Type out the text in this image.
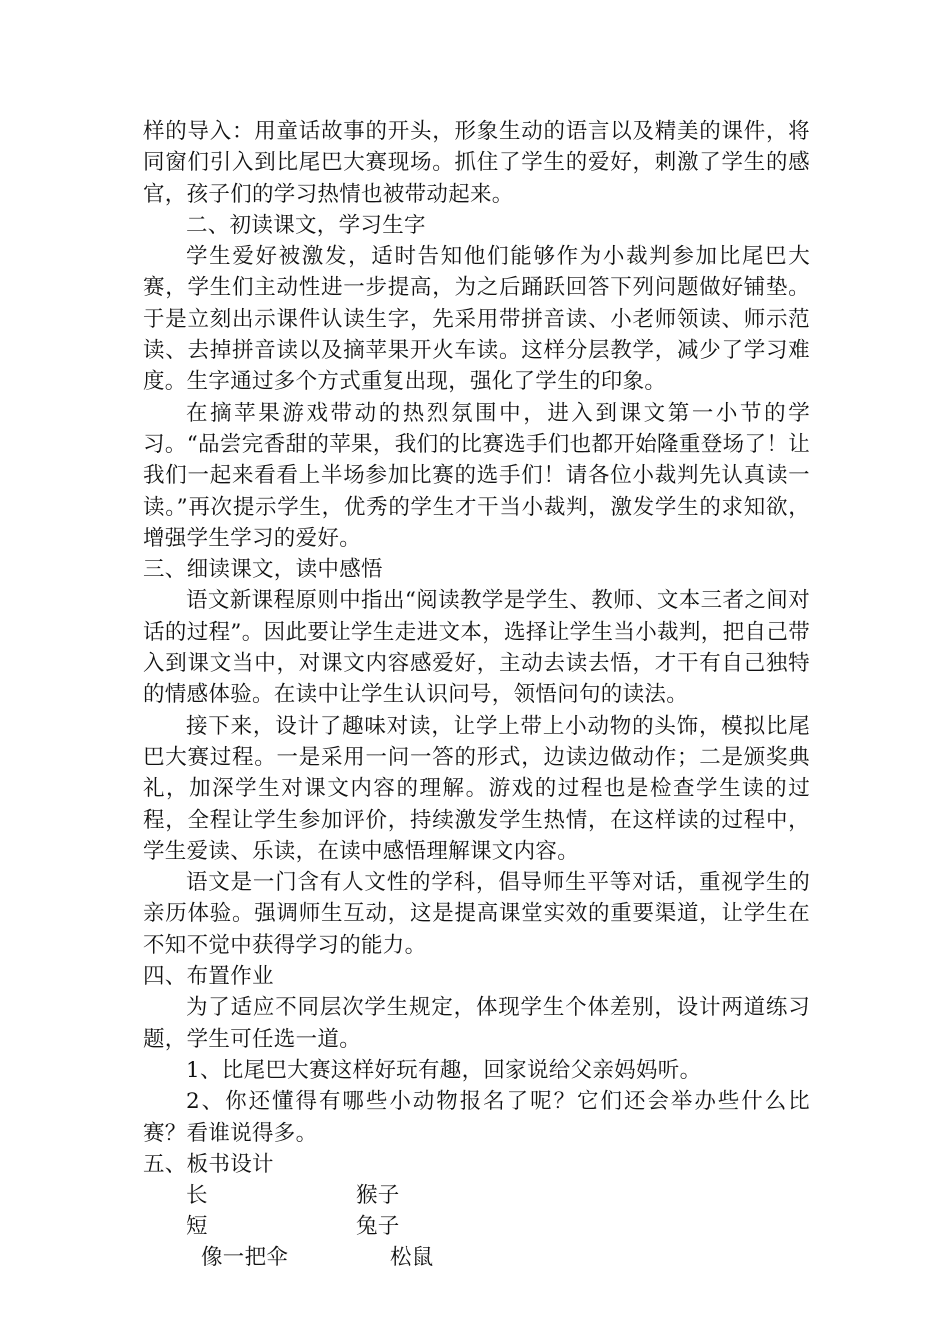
样的导入：用童话故事的开头，形象生动的语言以及精美的课件，将同窗们引入到比尾巴大赛现场。抓住了学生的爱好，刺激了学生的感官，孩子们的学习热情也被带动起来。

二、初读课文，学习生字

学生爱好被激发，适时告知他们能够作为小裁判参加比尾巴大赛，学生们主动性进一步提高，为之后踊跃回答下列问题做好铺垫。于是立刻出示课件认读生字，先采用带拼音读、小老师领读、师示范读、去掉拼音读以及摘苹果开火车读。这样分层教学，减少了学习难度。生字通过多个方式重复出现，强化了学生的印象。

在摘苹果游戏带动的热烈氛围中，进入到课文第一小节的学习。“品尝完香甜的苹果，我们的比赛选手们也都开始隆重登场了！让我们一起来看看上半场参加比赛的选手们！请各位小裁判先认真读一读。”再次提示学生，优秀的学生才干当小裁判，激发学生的求知欲，增强学生学习的爱好。

三、细读课文，读中感悟

语文新课程原则中指出“阅读教学是学生、教师、文本三者之间对话的过程”。因此要让学生走进文本，选择让学生当小裁判，把自己带入到课文当中，对课文内容感爱好，主动去读去悟，才干有自己独特的情感体验。在读中让学生认识问号，领悟问句的读法。

接下来，设计了趣味对读，让学上带上小动物的头饰，模拟比尾巴大赛过程。一是采用一问一答的形式，边读边做动作；二是颁奖典礼，加深学生对课文内容的理解。游戏的过程也是检查学生读的过程，全程让学生参加评价，持续激发学生热情，在这样读的过程中，学生爱读、乐读，在读中感悟理解课文内容。

语文是一门含有人文性的学科，倡导师生平等对话，重视学生的亲历体验。强调师生互动，这是提高课堂实效的重要渠道，让学生在不知不觉中获得学习的能力。

四、布置作业

为了适应不同层次学生规定，体现学生个体差别，设计两道练习题，学生可任选一道。

1、比尾巴大赛这样好玩有趣，回家说给父亲妈妈听。

2、你还懂得有哪些小动物报名了呢？它们还会举办些什么比赛？看谁说得多。

五、板书设计

长	猴子
短	兔子
像一把伞	松鼠
